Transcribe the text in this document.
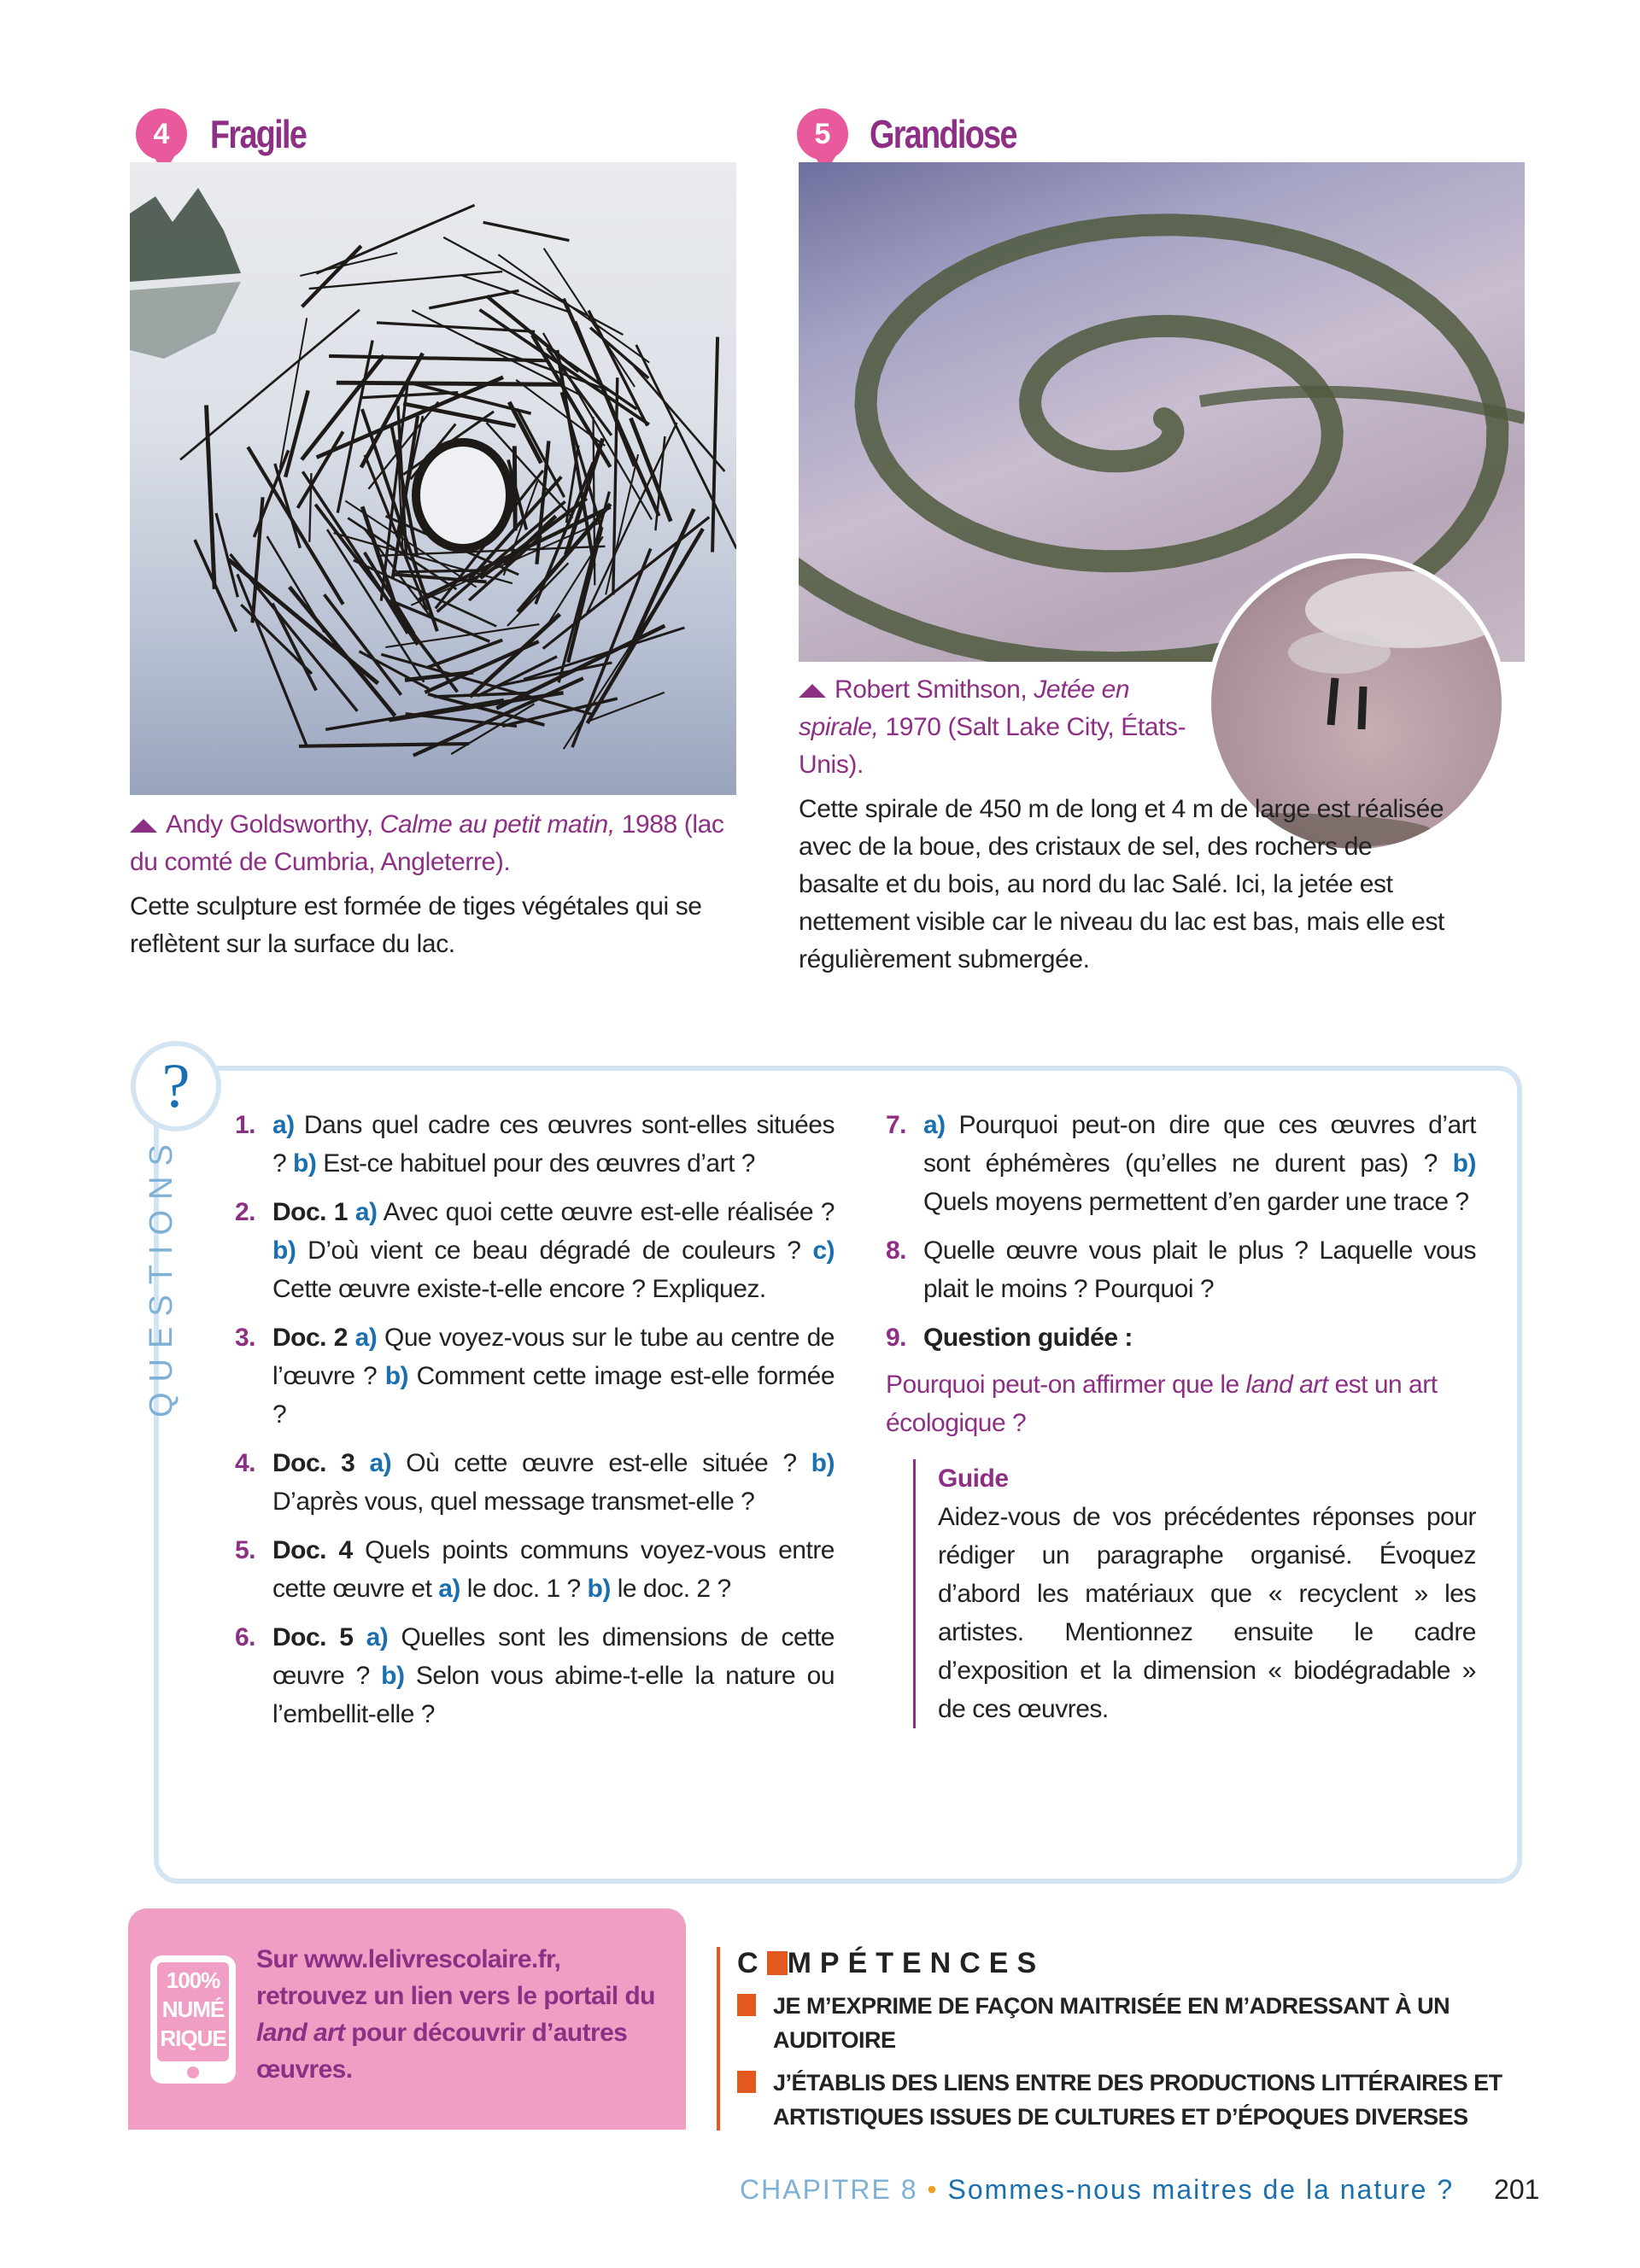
4 Fragile
Andy Goldsworthy, Calme au petit matin, 1988 (lac du comté de Cumbria, Angleterre).
Cette sculpture est formée de tiges végétales qui se reflètent sur la surface du lac.
5 Grandiose
Robert Smithson, Jetée en spirale, 1970 (Salt Lake City, États-Unis).
Cette spirale de 450 m de long et 4 m de large est réalisée avec de la boue, des cristaux de sel, des rochers de basalte et du bois, au nord du lac Salé. Ici, la jetée est nettement visible car le niveau du lac est bas, mais elle est régulièrement submergée.
?
QUESTIONS
1. a) Dans quel cadre ces œuvres sont-elles situées ? b) Est-ce habituel pour des œuvres d’art ?
2. Doc. 1 a) Avec quoi cette œuvre est-elle réalisée ? b) D’où vient ce beau dégradé de couleurs ? c) Cette œuvre existe-t-elle encore ? Expliquez.
3. Doc. 2 a) Que voyez-vous sur le tube au centre de l’œuvre ? b) Comment cette image est-elle formée ?
4. Doc. 3 a) Où cette œuvre est-elle située ? b) D’après vous, quel message transmet-elle ?
5. Doc. 4 Quels points communs voyez-vous entre cette œuvre et a) le doc. 1 ? b) le doc. 2 ?
6. Doc. 5 a) Quelles sont les dimensions de cette œuvre ? b) Selon vous abime-t-elle la nature ou l’embellit-elle ?
7. a) Pourquoi peut-on dire que ces œuvres d’art sont éphémères (qu’elles ne durent pas) ? b) Quels moyens permettent d’en garder une trace ?
8. Quelle œuvre vous plait le plus ? Laquelle vous plait le moins ? Pourquoi ?
9. Question guidée :
Pourquoi peut-on affirmer que le land art est un art écologique ?
Guide
Aidez-vous de vos précédentes réponses pour rédiger un paragraphe organisé. Évoquez d’abord les matériaux que « recyclent » les artistes. Mentionnez ensuite le cadre d’exposition et la dimension « biodégradable » de ces œuvres.
100%
NUMÉ
RIQUE
Sur www.lelivrescolaire.fr, retrouvez un lien vers le portail du land art pour découvrir d’autres œuvres.
C MPÉTENCES
JE M’EXPRIME DE FAÇON MAITRISÉE EN M’ADRESSANT À UN AUDITOIRE
J’ÉTABLIS DES LIENS ENTRE DES PRODUCTIONS LITTÉRAIRES ET ARTISTIQUES ISSUES DE CULTURES ET D’ÉPOQUES DIVERSES
CHAPITRE 8 • Sommes-nous maitres de la nature ? 201
